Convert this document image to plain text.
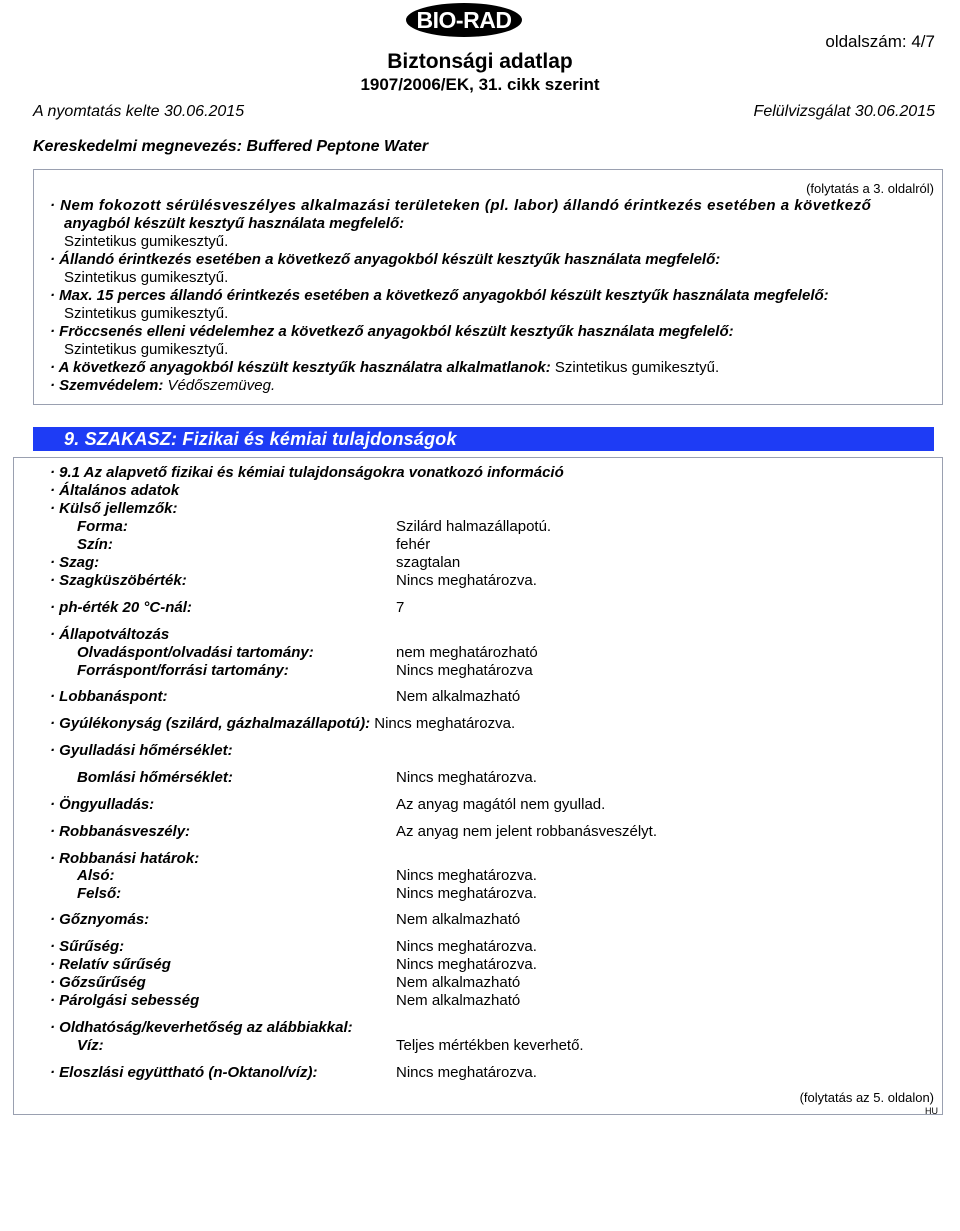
BIO-RAD
oldalszám: 4/7
Biztonsági adatlap
1907/2006/EK, 31. cikk szerint
A nyomtatás kelte 30.06.2015	Felülvizsgálat 30.06.2015
Kereskedelmi megnevezés: Buffered Peptone Water
(folytatás a 3. oldalról)
· Nem fokozott sérülésveszélyes alkalmazási területeken (pl. labor) állandó érintkezés esetében a következő
anyagból készült kesztyű használata megfelelő:
Szintetikus gumikesztyű.
· Állandó érintkezés esetében a következő anyagokból készült kesztyűk használata megfelelő:
Szintetikus gumikesztyű.
· Max. 15 perces állandó érintkezés esetében a következő anyagokból készült kesztyűk használata megfelelő:
Szintetikus gumikesztyű.
· Fröccsenés elleni védelemhez a következő anyagokból készült kesztyűk használata megfelelő:
Szintetikus gumikesztyű.
· A következő anyagokból készült kesztyűk használatra alkalmatlanok: Szintetikus gumikesztyű.
· Szemvédelem: Védőszemüveg.
9. SZAKASZ: Fizikai és kémiai tulajdonságok
· 9.1 Az alapvető fizikai és kémiai tulajdonságokra vonatkozó információ
· Általános adatok
· Külső jellemzők:
Forma:	Szilárd halmazállapotú.
Szín:	fehér
· Szag:	szagtalan
· Szagküszöbérték:	Nincs meghatározva.
· ph-érték 20 °C-nál:	7
· Állapotváltozás
Olvadáspont/olvadási tartomány:	nem meghatározható
Forráspont/forrási tartomány:	Nincs meghatározva
· Lobbanáspont:	Nem alkalmazható
· Gyúlékonyság (szilárd, gázhalmazállapotú): Nincs meghatározva.
· Gyulladási hőmérséklet:
Bomlási hőmérséklet:	Nincs meghatározva.
· Öngyulladás:	Az anyag magától nem gyullad.
· Robbanásveszély:	Az anyag nem jelent robbanásveszélyt.
· Robbanási határok:
Alsó:	Nincs meghatározva.
Felső:	Nincs meghatározva.
· Gőznyomás:	Nem alkalmazható
· Sűrűség:	Nincs meghatározva.
· Relatív sűrűség	Nincs meghatározva.
· Gőzsűrűség	Nem alkalmazható
· Párolgási sebesség	Nem alkalmazható
· Oldhatóság/keverhetőség az alábbiakkal:
Víz:	Teljes mértékben keverhető.
· Eloszlási együttható (n-Oktanol/víz):	Nincs meghatározva.
(folytatás az 5. oldalon)
HU
